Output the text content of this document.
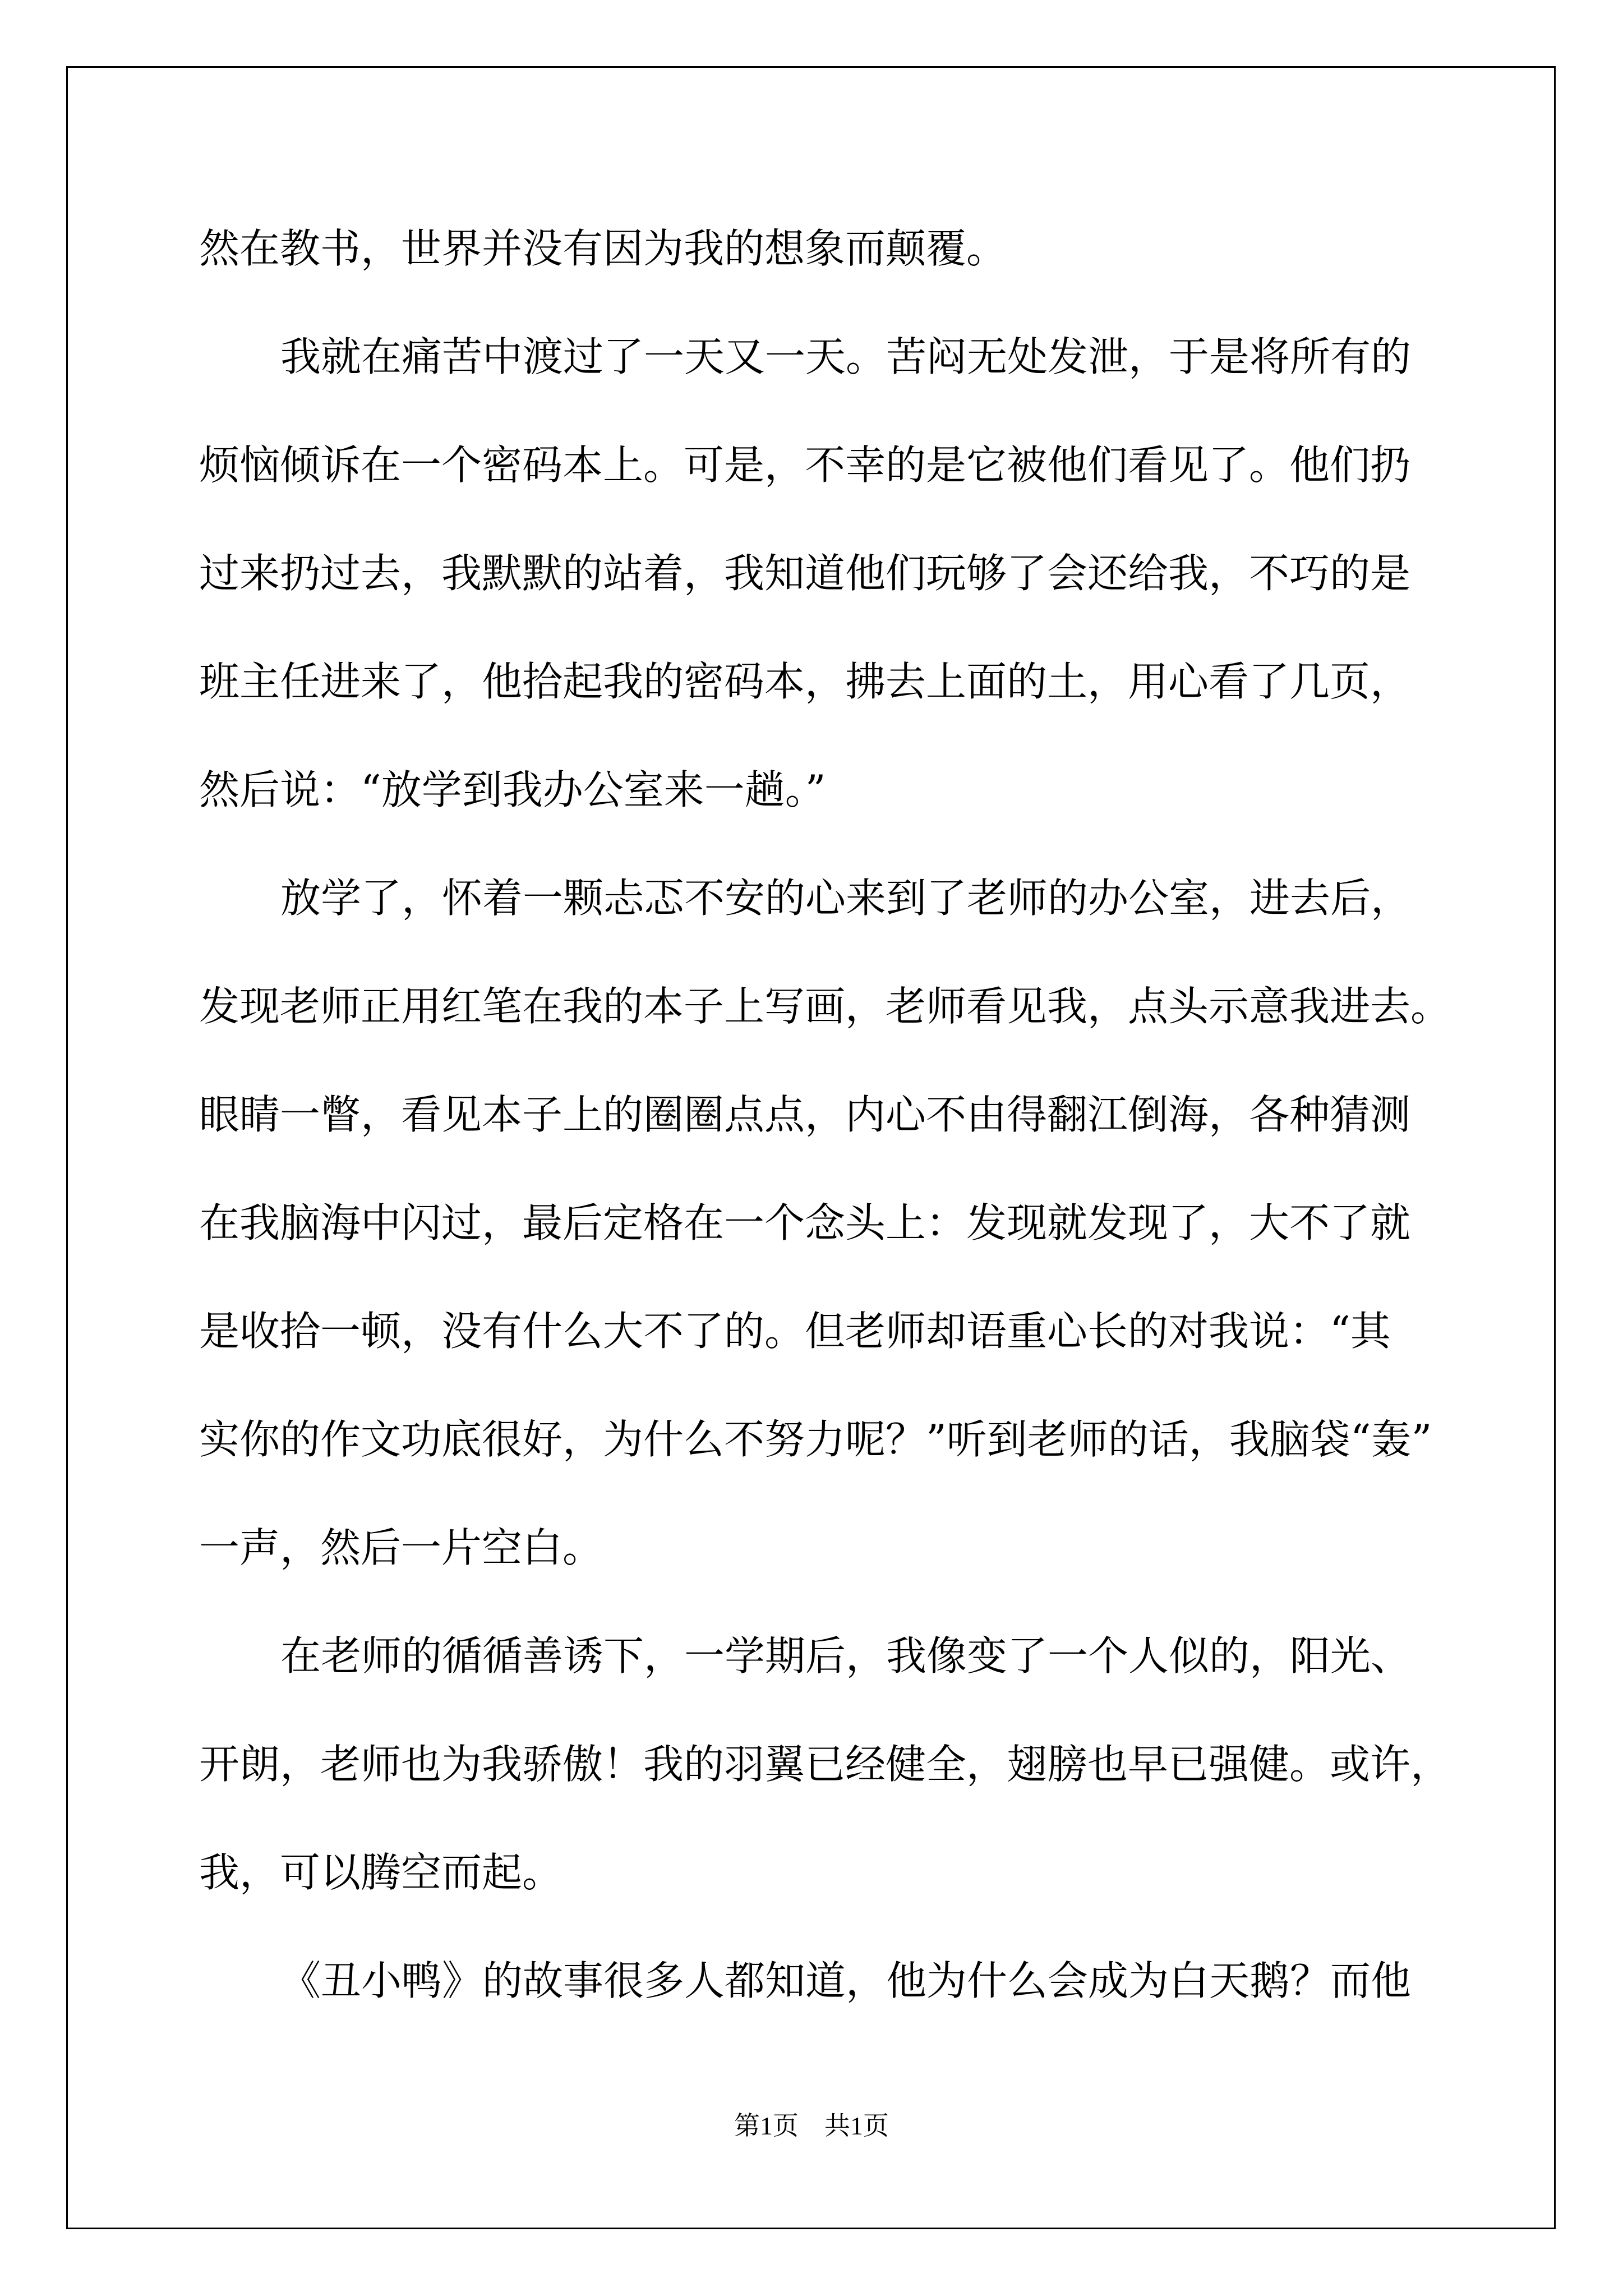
然在教书，世界并没有因为我的想象而颠覆。
我就在痛苦中渡过了一天又一天。苦闷无处发泄，于是将所有的
烦恼倾诉在一个密码本上。可是，不幸的是它被他们看见了。他们扔
过来扔过去，我默默的站着，我知道他们玩够了会还给我，不巧的是
班主任进来了，他拾起我的密码本，拂去上面的土，用心看了几页，
然后说：“放学到我办公室来一趟。”
放学了，怀着一颗忐忑不安的心来到了老师的办公室，进去后，
发现老师正用红笔在我的本子上写画，老师看见我，点头示意我进去。
眼睛一瞥，看见本子上的圈圈点点，内心不由得翻江倒海，各种猜测
在我脑海中闪过，最后定格在一个念头上：发现就发现了，大不了就
是收拾一顿，没有什么大不了的。但老师却语重心长的对我说：“其
实你的作文功底很好，为什么不努力呢？”听到老师的话，我脑袋“轰”
一声，然后一片空白。
在老师的循循善诱下，一学期后，我像变了一个人似的，阳光、
开朗，老师也为我骄傲！我的羽翼已经健全，翅膀也早已强健。或许，
我，可以腾空而起。
《丑小鸭》的故事很多人都知道，他为什么会成为白天鹅？而他
第1页　共1页
